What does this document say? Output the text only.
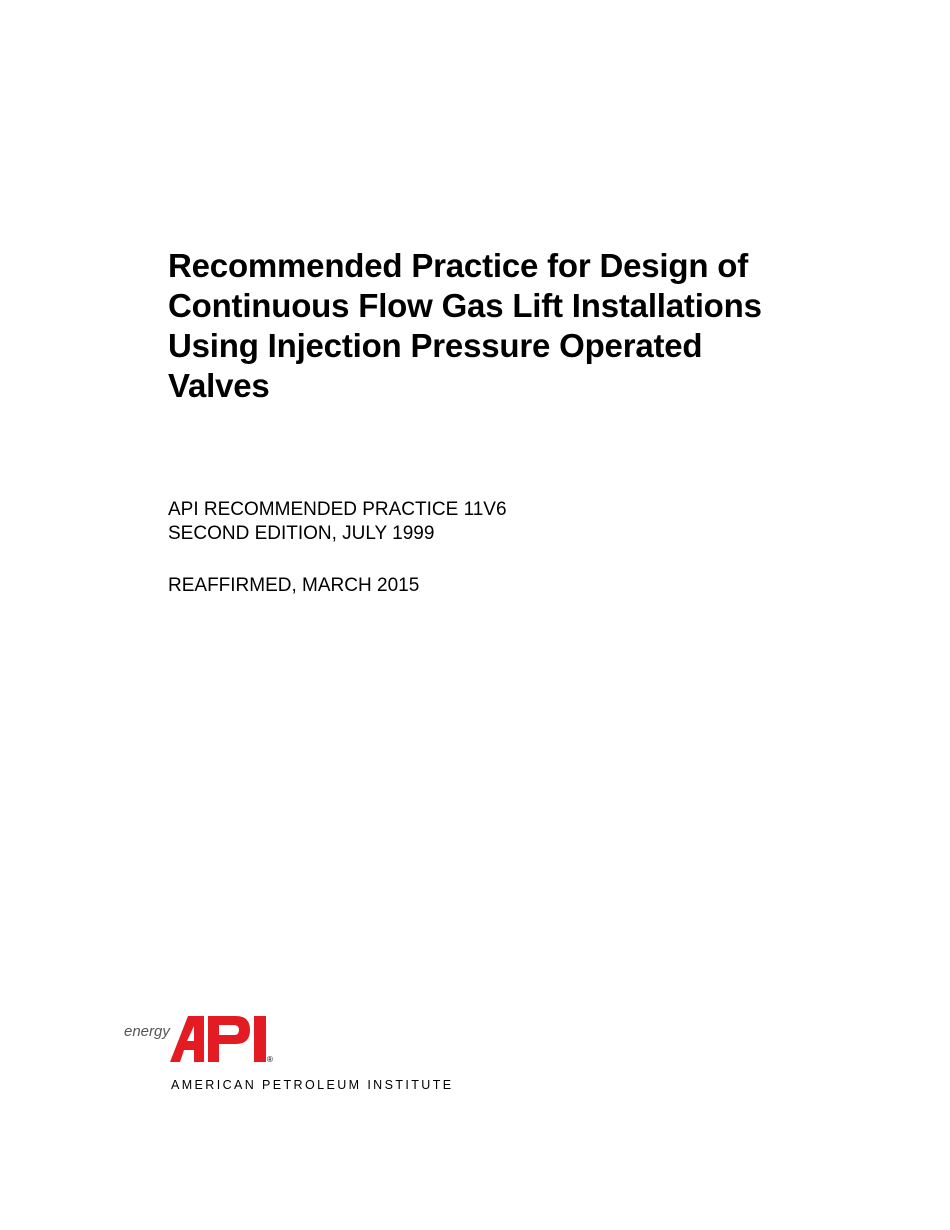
Recommended Practice for Design of
Continuous Flow Gas Lift Installations
Using Injection Pressure Operated
Valves
API RECOMMENDED PRACTICE 11V6
SECOND EDITION, JULY 1999
REAFFIRMED, MARCH 2015
energy
®
AMERICAN PETROLEUM INSTITUTE
